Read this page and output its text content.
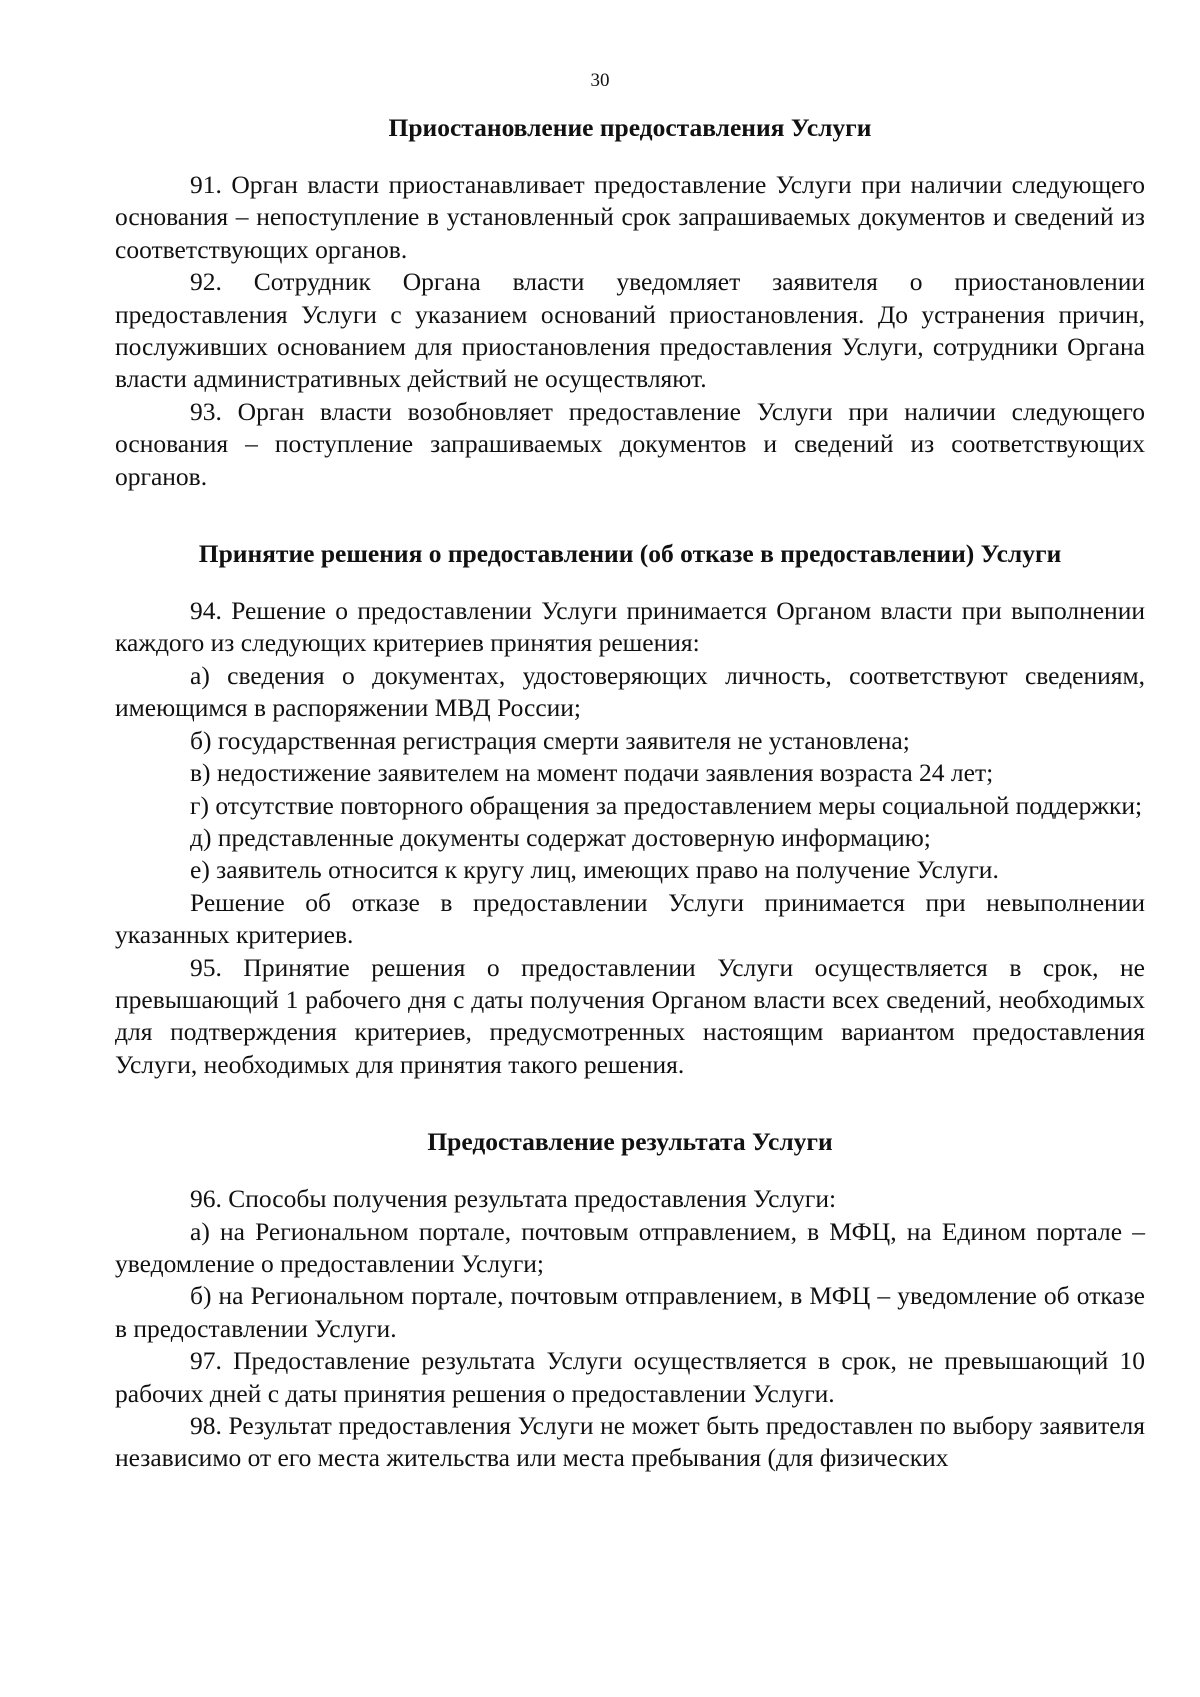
30
Приостановление предоставления Услуги

91. Орган власти приостанавливает предоставление Услуги при наличии следующего основания – непоступление в установленный срок запрашиваемых документов и сведений из соответствующих органов.

92. Сотрудник Органа власти уведомляет заявителя о приостановлении предоставления Услуги с указанием оснований приостановления. До устранения причин, послуживших основанием для приостановления предоставления Услуги, сотрудники Органа власти административных действий не осуществляют.

93. Орган власти возобновляет предоставление Услуги при наличии следующего основания – поступление запрашиваемых документов и сведений из соответствующих органов.

Принятие решения о предоставлении (об отказе в предоставлении) Услуги

94. Решение о предоставлении Услуги принимается Органом власти при выполнении каждого из следующих критериев принятия решения:

а) сведения о документах, удостоверяющих личность, соответствуют сведениям, имеющимся в распоряжении МВД России;

б) государственная регистрация смерти заявителя не установлена;

в) недостижение заявителем на момент подачи заявления возраста 24 лет;

г) отсутствие повторного обращения за предоставлением меры социальной поддержки;

д) представленные документы содержат достоверную информацию;

е) заявитель относится к кругу лиц, имеющих право на получение Услуги.

Решение об отказе в предоставлении Услуги принимается при невыполнении указанных критериев.

95. Принятие решения о предоставлении Услуги осуществляется в срок, не превышающий 1 рабочего дня с даты получения Органом власти всех сведений, необходимых для подтверждения критериев, предусмотренных настоящим вариантом предоставления Услуги, необходимых для принятия такого решения.

Предоставление результата Услуги

96. Способы получения результата предоставления Услуги:

а) на Региональном портале, почтовым отправлением, в МФЦ, на Едином портале – уведомление о предоставлении Услуги;

б) на Региональном портале, почтовым отправлением, в МФЦ – уведомление об отказе в предоставлении Услуги.

97. Предоставление результата Услуги осуществляется в срок, не превышающий 10 рабочих дней с даты принятия решения о предоставлении Услуги.

98. Результат предоставления Услуги не может быть предоставлен по выбору заявителя независимо от его места жительства или места пребывания (для физических
